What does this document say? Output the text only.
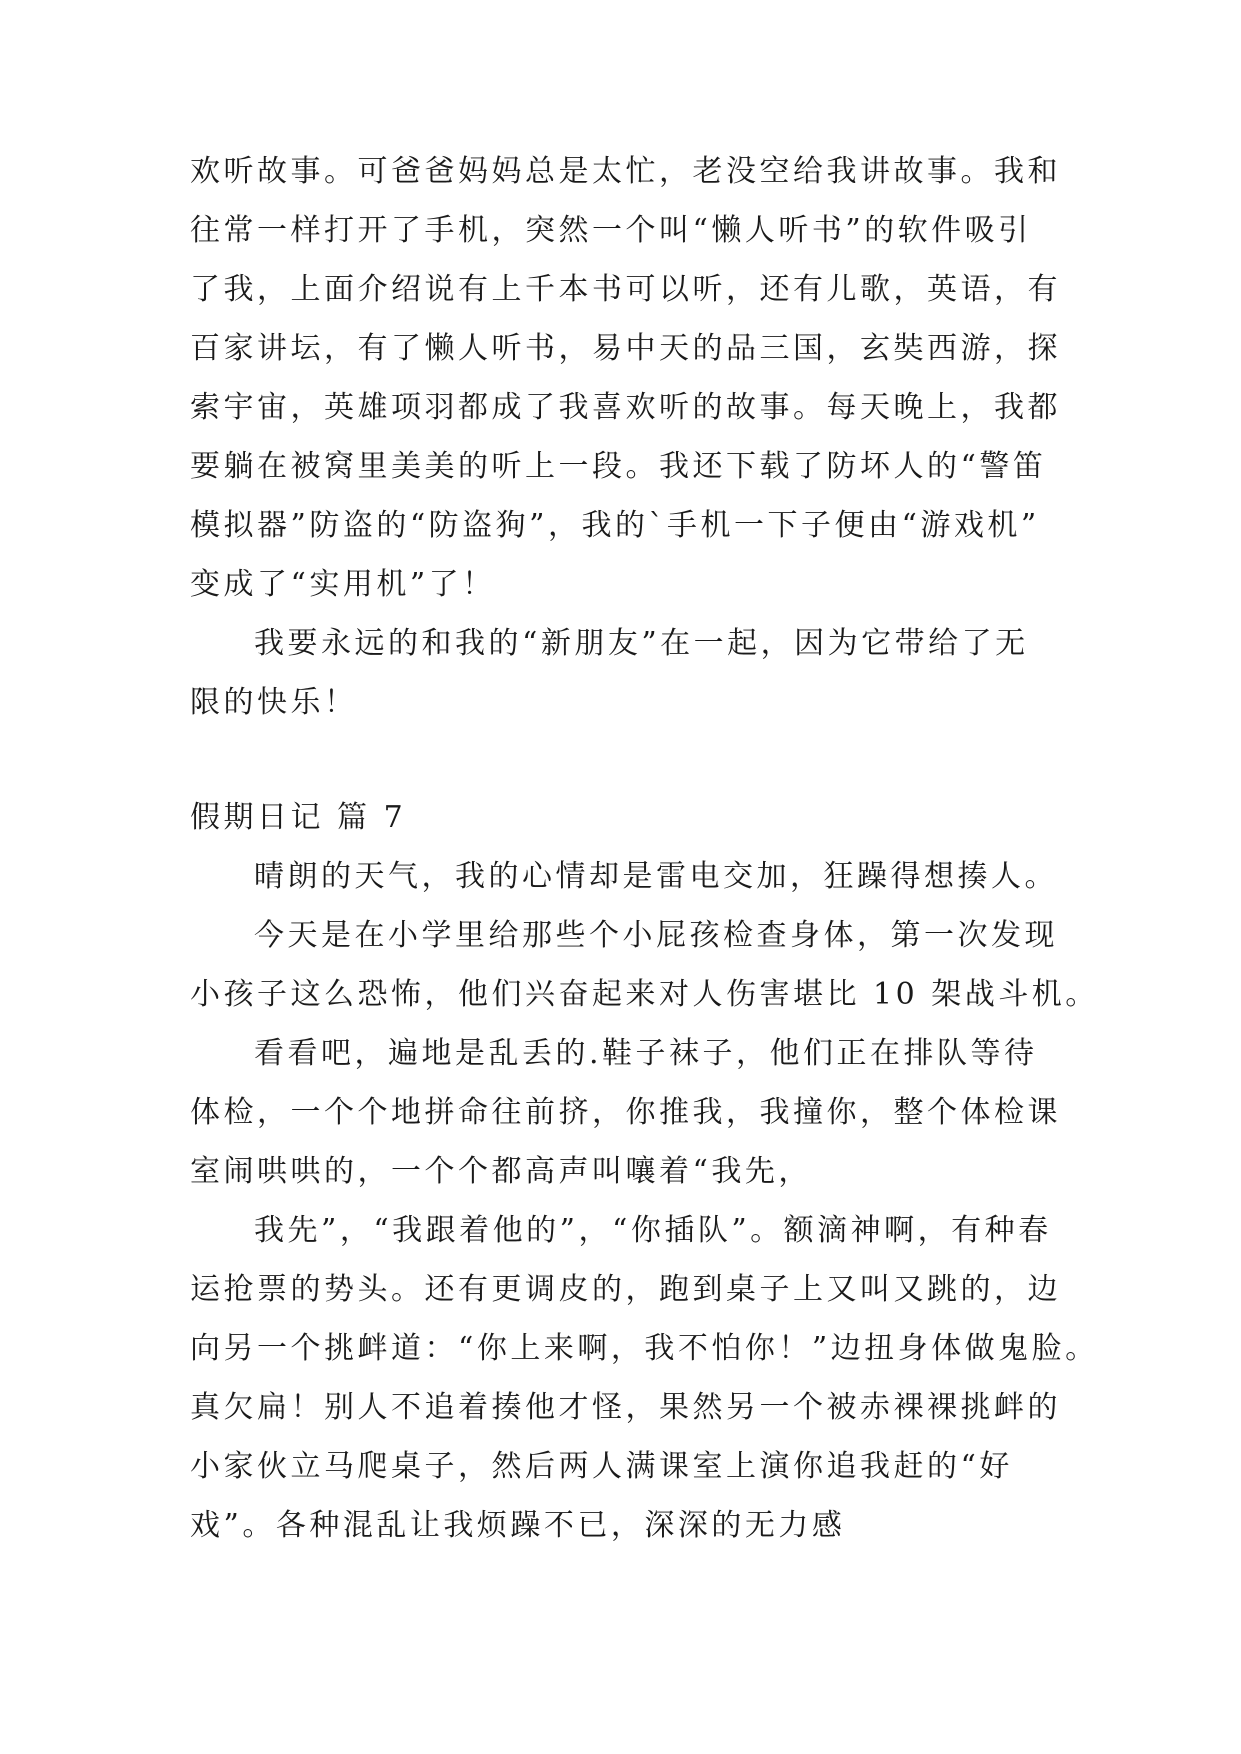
欢听故事。可爸爸妈妈总是太忙，老没空给我讲故事。我和
往常一样打开了手机，突然一个叫“懒人听书”的软件吸引
了我，上面介绍说有上千本书可以听，还有儿歌，英语，有
百家讲坛，有了懒人听书，易中天的品三国，玄奘西游，探
索宇宙，英雄项羽都成了我喜欢听的故事。每天晚上，我都
要躺在被窝里美美的听上一段。我还下载了防坏人的“警笛
模拟器”防盗的“防盗狗”，我的`手机一下子便由“游戏机”
变成了“实用机”了！
我要永远的和我的“新朋友”在一起，因为它带给了无
限的快乐！
假期日记 篇 7
晴朗的天气，我的心情却是雷电交加，狂躁得想揍人。
今天是在小学里给那些个小屁孩检查身体，第一次发现
小孩子这么恐怖，他们兴奋起来对人伤害堪比 10 架战斗机。
看看吧，遍地是乱丢的.鞋子袜子，他们正在排队等待
体检，一个个地拼命往前挤，你推我，我撞你，整个体检课
室闹哄哄的，一个个都高声叫嚷着“我先，
我先”，“我跟着他的”，“你插队”。额滴神啊，有种春
运抢票的势头。还有更调皮的，跑到桌子上又叫又跳的，边
向另一个挑衅道：“你上来啊，我不怕你！”边扭身体做鬼脸。
真欠扁！别人不追着揍他才怪，果然另一个被赤裸裸挑衅的
小家伙立马爬桌子，然后两人满课室上演你追我赶的“好
戏”。各种混乱让我烦躁不已，深深的无力感
